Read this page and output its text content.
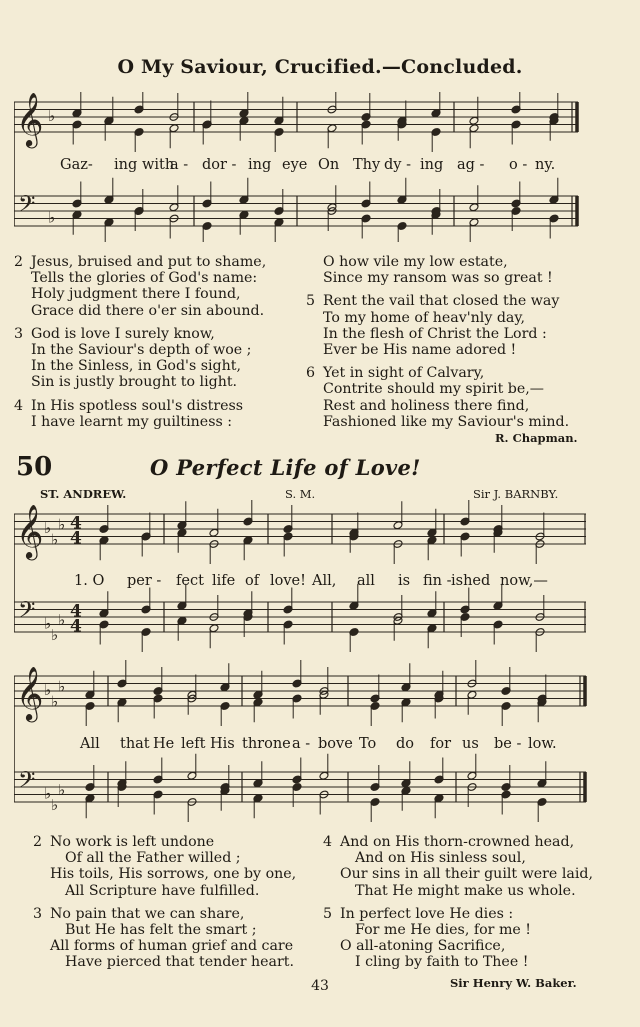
O My Saviour, Crucified.—Concluded.
𝄞
𝄢
♭
♭
Gaz- ing with
a - dor - ing eye On Thy dy - ing ag - o - ny.
2 Jesus, bruised and put to shame,
Tells the glories of God's name:
Holy judgment there I found,
Grace did there o'er sin abound.
3 God is love I surely know,
In the Saviour's depth of woe ;
In the Sinless, in God's sight,
Sin is justly brought to light.
4 In His spotless soul's distress
I have learnt my guiltiness :
O how vile my low estate,
Since my ransom was so great !
5 Rent the vail that closed the way
To my home of heav'nly day,
In the flesh of Christ the Lord :
Ever be His name adored !
6 Yet in sight of Calvary,
Contrite should my spirit be,—
Rest and holiness there find,
Fashioned like my Saviour's mind.
R. Chapman.
50	O Perfect Life of Love!
ST. ANDREW.	S. M.	Sir J. BARNBY.
𝄞
𝄢
♭
♭
♭
♭
♭
♭
4
4
4
4
1. O per - fect life of love! All, all is fin - ished now,—
𝄞
𝄢
♭
♭
♭
♭
♭
♭
All that He left His throne a - bove To do for us be - low.
2 No work is left undone
Of all the Father willed ;
His toils, His sorrows, one by one,
All Scripture have fulfilled.
3 No pain that we can share,
But He has felt the smart ;
All forms of human grief and care
Have pierced that tender heart.
4 And on His thorn-crowned head,
And on His sinless soul,
Our sins in all their guilt were laid,
That He might make us whole.
5 In perfect love He dies :
For me He dies, for me !
O all-atoning Sacrifice,
I cling by faith to Thee !
43	Sir Henry W. Baker.
